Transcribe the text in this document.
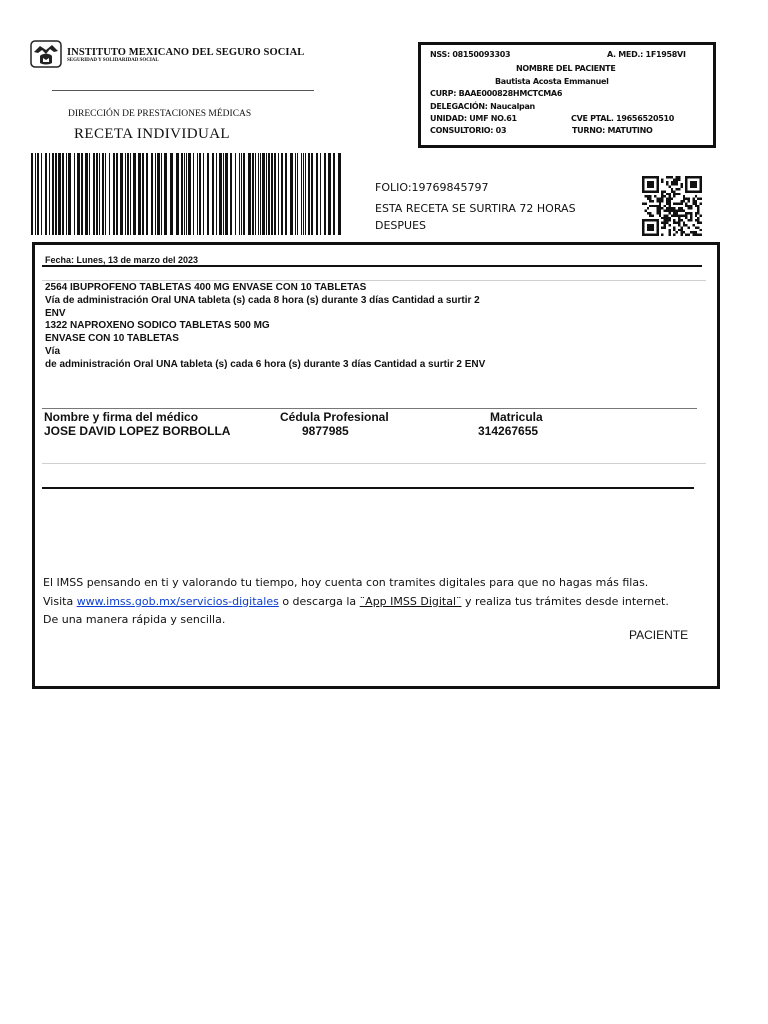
INSTITUTO MEXICANO DEL SEGURO SOCIAL
SEGURIDAD Y SOLIDARIDAD SOCIAL
DIRECCIÓN DE PRESTACIONES MÉDICAS
RECETA INDIVIDUAL
NSS: 08150093303	A. MED.: 1F1958VI
NOMBRE DEL PACIENTE
Bautista Acosta Emmanuel
CURP: BAAE000828HMCTCMA6
DELEGACIÓN: Naucalpan
UNIDAD: UMF NO.61	CVE PTAL. 19656520510
CONSULTORIO: 03	TURNO: MATUTINO
FOLIO:19769845797
ESTA RECETA SE SURTIRA 72 HORAS DESPUES
Fecha: Lunes, 13 de marzo del 2023
2564 IBUPROFENO TABLETAS 400 MG ENVASE CON 10 TABLETAS
Vía de administración Oral UNA tableta (s) cada 8 hora (s) durante 3 días Cantidad a surtir 2
ENV
1322 NAPROXENO SODICO TABLETAS 500 MG
ENVASE CON 10 TABLETAS
Vía
de administración Oral UNA tableta (s) cada 6 hora (s) durante 3 días Cantidad a surtir 2 ENV
Nombre y firma del médico	Cédula Profesional	Matricula
JOSE DAVID LOPEZ BORBOLLA	9877985	314267655
El IMSS pensando en ti y valorando tu tiempo, hoy cuenta con tramites digitales para que no hagas más filas.
Visita www.imss.gob.mx/servicios-digitales o descarga la ¨App IMSS Digital¨ y realiza tus trámites desde internet.
De una manera rápida y sencilla.
PACIENTE
